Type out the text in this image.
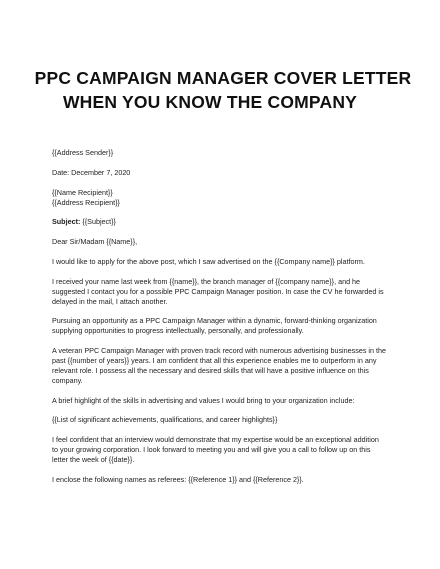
PPC CAMPAIGN MANAGER COVER LETTER
WHEN YOU KNOW THE COMPANY

{{Address Sender}}

Date: December 7, 2020

{{Name Recipient}}

{{Address Recipient}}

Subject: {{Subject}}

Dear Sir/Madam {{Name}},

I would like to apply for the above post, which I saw advertised on the {{Company name}} platform.

I received your name last week from {{name}}, the branch manager of {{company name}}, and he
suggested I contact you for a possible PPC Campaign Manager position. In case the CV he forwarded is
delayed in the mail, I attach another.

Pursuing an opportunity as a PPC Campaign Manager within a dynamic, forward-thinking organization
supplying opportunities to progress intellectually, personally, and professionally.

A veteran PPC Campaign Manager with proven track record with numerous advertising businesses in the
past {{number of years}} years. I am confident that all this experience enables me to outperform in any
relevant role. I possess all the necessary and desired skills that will have a positive influence on this
company.

A brief highlight of the skills in advertising and values I would bring to your organization include:

{{List of significant achievements, qualifications, and career highlights}}

I feel confident that an interview would demonstrate that my expertise would be an exceptional addition
to your growing corporation. I look forward to meeting you and will give you a call to follow up on this
letter the week of {{date}}.

I enclose the following names as referees: {{Reference 1}} and {{Reference 2}}.
